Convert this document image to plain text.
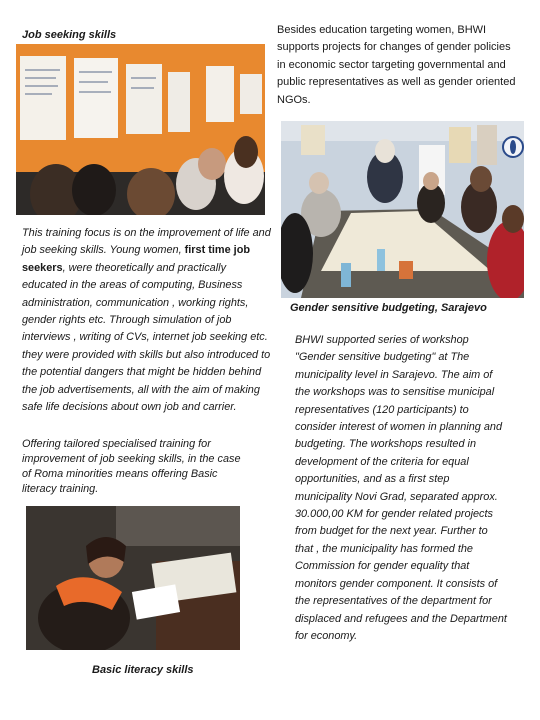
Job seeking skills

This training focus is on the improvement of life and job seeking skills. Young women, first time job seekers, were theoretically and practically educated in the areas of computing, Business administration, communication , working rights, gender rights etc. Through simulation of job interviews , writing of CVs, internet job seeking etc. they were provided with skills but also introduced to the potential dangers that might be hidden behind the job advertisements, all with the aim of making safe life decisions about own job and carrier.

Offering tailored specialised training for improvement of job seeking skills, in the case of Roma minorities means offering Basic literacy training.
Basic literacy skills
Besides education targeting women, BHWI supports projects for changes of gender policies in economic sector targeting governmental and public representatives as well as gender oriented NGOs.
Gender sensitive budgeting, Sarajevo
BHWI supported series of workshop "Gender sensitive budgeting" at The municipality level in Sarajevo. The aim of the workshops was to sensitise municipal representatives (120 participants) to consider interest of women in planning and budgeting. The workshops resulted in development of the criteria for equal opportunities, and as a first step municipality Novi Grad, separated approx. 30.000,00 KM for gender related projects from budget for the next year. Further to that , the municipality has formed the Commission for gender equality that monitors gender component. It consists of the representatives of the department for displaced and refugees and the Department for economy.
